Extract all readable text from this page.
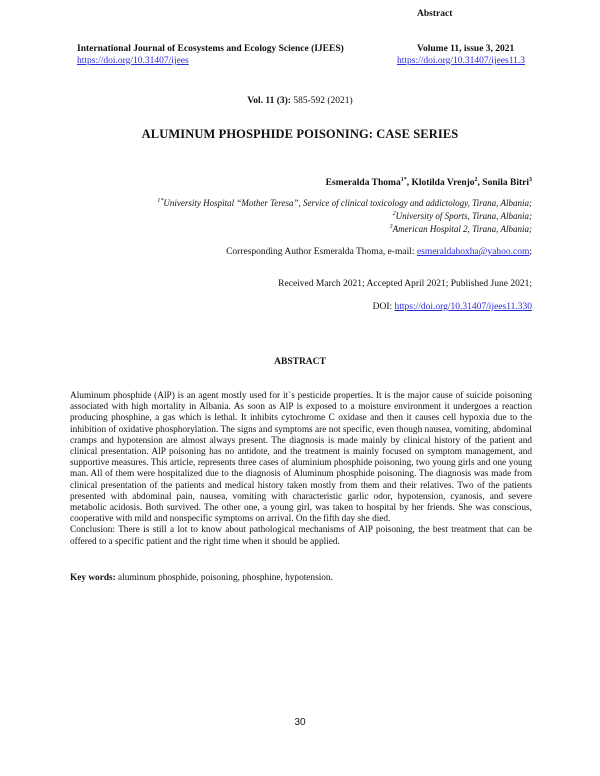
Abstract
International Journal of Ecosystems and Ecology Science (IJEES)	Volume 11, issue 3, 2021
https://doi.org/10.31407/ijees	https://doi.org/10.31407/ijees11.3
Vol. 11 (3): 585-592 (2021)
ALUMINUM PHOSPHIDE POISONING: CASE SERIES
Esmeralda Thoma$^{1*}$, Klotilda Vrenjo$^2$, Sonila Bitri$^3$
$^{1*}$University Hospital “Mother Teresa”, Service of clinical toxicology and addictology, Tirana, Albania;
$^2$University of Sports, Tirana, Albania;
$^3$American Hospital 2, Tirana, Albania;
Corresponding Author Esmeralda Thoma, e-mail: esmeraldahoxha@yahoo.com;
Received March 2021; Accepted April 2021; Published June 2021;
DOI: https://doi.org/10.31407/ijees11.330
ABSTRACT

Aluminum phosphide (AlP) is an agent mostly used for it`s pesticide properties. It is the major cause of suicide poisoning associated with high mortality in Albania. As soon as AlP is exposed to a moisture environment it undergoes a reaction producing phosphine, a gas which is lethal. It inhibits cytochrome C oxidase and then it causes cell hypoxia due to the inhibition of oxidative phosphorylation. The signs and symptoms are not specific, even though nausea, vomiting, abdominal cramps and hypotension are almost always present. The diagnosis is made mainly by clinical history of the patient and clinical presentation. AlP poisoning has no antidote, and the treatment is mainly focused on symptom management, and supportive measures. This article, represents three cases of aluminium phosphide poisoning, two young girls and one young man. All of them were hospitalized due to the diagnosis of Aluminum phosphide poisoning. The diagnosis was made from clinical presentation of the patients and medical history taken mostly from them and their relatives. Two of the patients presented with abdominal pain, nausea, vomiting with characteristic garlic odor, hypotension, cyanosis, and severe metabolic acidosis. Both survived. The other one, a young girl, was taken to hospital by her friends. She was conscious, cooperative with mild and nonspecific symptoms on arrival. On the fifth day she died.

Conclusion: There is still a lot to know about pathological mechanisms of AlP poisoning, the best treatment that can be offered to a specific patient and the right time when it should be applied.

Key words: aluminum phosphide, poisoning, phosphine, hypotension.
30
